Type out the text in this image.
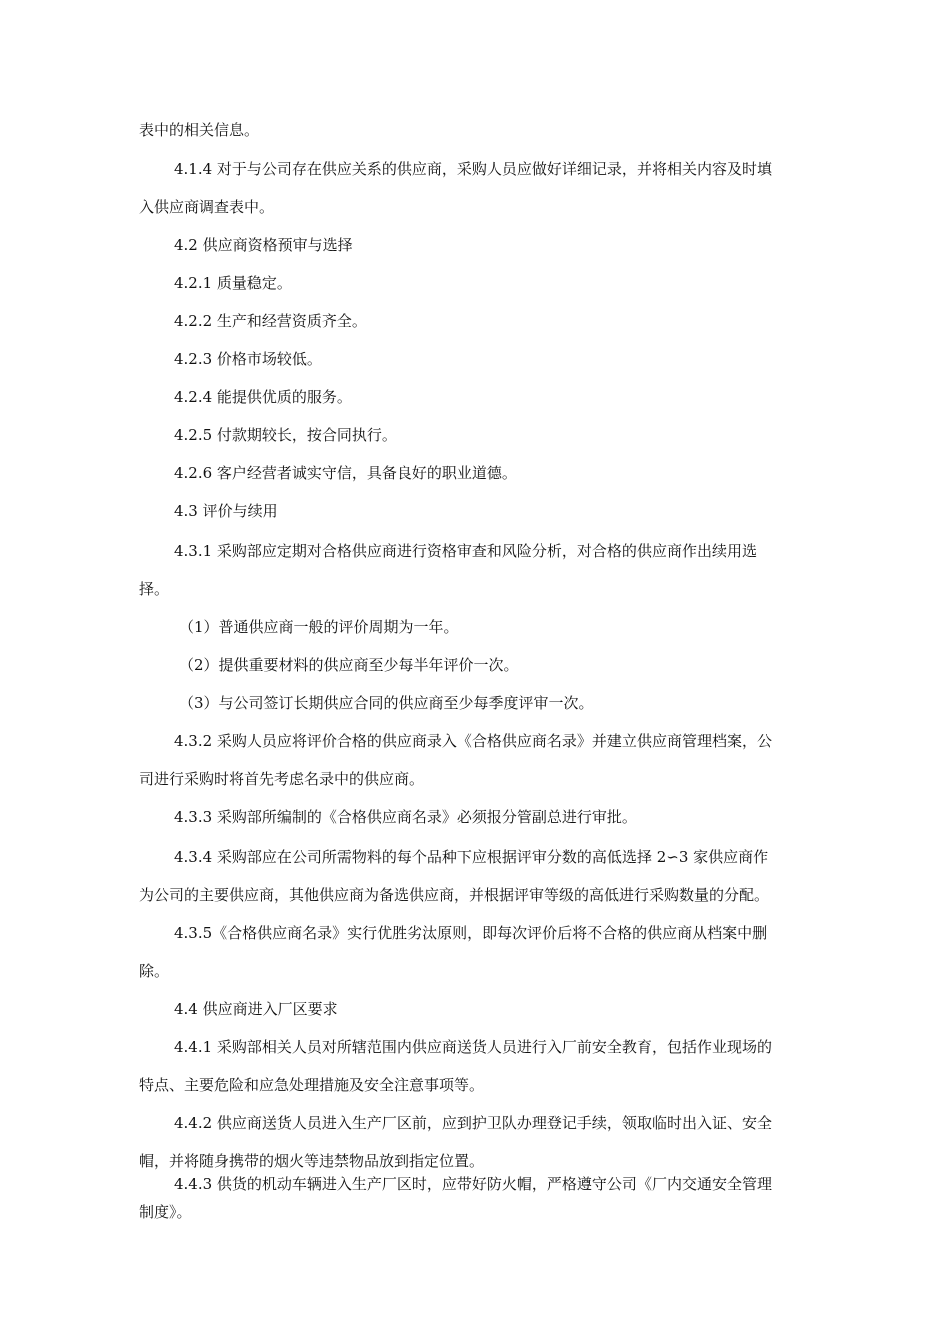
表中的相关信息。

4.1.4 对于与公司存在供应关系的供应商，采购人员应做好详细记录，并将相关内容及时填
入供应商调查表中。

4.2 供应商资格预审与选择

4.2.1 质量稳定。

4.2.2 生产和经营资质齐全。

4.2.3 价格市场较低。

4.2.4 能提供优质的服务。

4.2.5 付款期较长，按合同执行。

4.2.6 客户经营者诚实守信，具备良好的职业道德。

4.3 评价与续用

4.3.1 采购部应定期对合格供应商进行资格审查和风险分析，对合格的供应商作出续用选
择。

（1）普通供应商一般的评价周期为一年。

（2）提供重要材料的供应商至少每半年评价一次。

（3）与公司签订长期供应合同的供应商至少每季度评审一次。

4.3.2 采购人员应将评价合格的供应商录入《合格供应商名录》并建立供应商管理档案，公
司进行采购时将首先考虑名录中的供应商。

4.3.3 采购部所编制的《合格供应商名录》必须报分管副总进行审批。

4.3.4 采购部应在公司所需物料的每个品种下应根据评审分数的高低选择 2∽3 家供应商作
为公司的主要供应商，其他供应商为备选供应商，并根据评审等级的高低进行采购数量的分配。

4.3.5《合格供应商名录》实行优胜劣汰原则，即每次评价后将不合格的供应商从档案中删
除。

4.4 供应商进入厂区要求

4.4.1 采购部相关人员对所辖范围内供应商送货人员进行入厂前安全教育，包括作业现场的
特点、主要危险和应急处理措施及安全注意事项等。

4.4.2 供应商送货人员进入生产厂区前，应到护卫队办理登记手续，领取临时出入证、安全
帽，并将随身携带的烟火等违禁物品放到指定位置。

4.4.3 供货的机动车辆进入生产厂区时，应带好防火帽，严格遵守公司《厂内交通安全管理
制度》。
